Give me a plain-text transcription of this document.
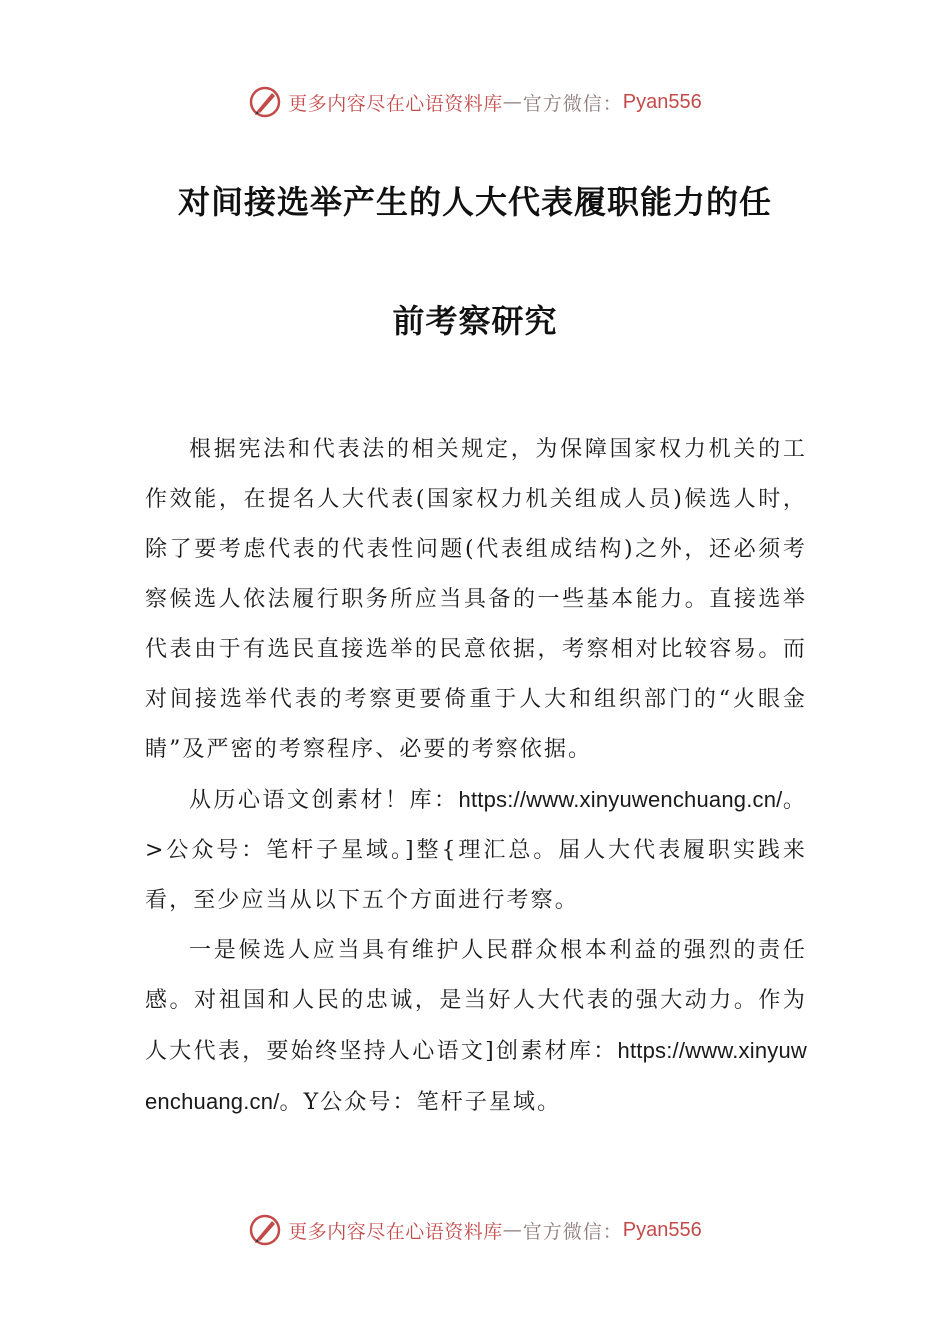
更多内容尽在心语资料库 — 官方微信： Pyan556
对间接选举产生的人大代表履职能力的任
前考察研究

根据宪法和代表法的相关规定，为保障国家权力机关的工作效能，在提名人大代表(国家权力机关组成人员)候选人时，除了要考虑代表的代表性问题(代表组成结构)之外，还必须考察候选人依法履行职务所应当具备的一些基本能力。直接选举代表由于有选民直接选举的民意依据，考察相对比较容易。而对间接选举代表的考察更要倚重于人大和组织部门的“火眼金睛”及严密的考察程序、必要的考察依据。

从历心语文创素材！库：https://www.xinyuwenchuang.cn/。>公众号：笔杆子星域。]整{理汇总。届人大代表履职实践来看，至少应当从以下五个方面进行考察。

一是候选人应当具有维护人民群众根本利益的强烈的责任感。对祖国和人民的忠诚，是当好人大代表的强大动力。作为人大代表，要始终坚持人心语文]创素材库：https://www.xinyuwenchuang.cn/。Y公众号：笔杆子星域。

更多内容尽在心语资料库 — 官方微信： Pyan556
